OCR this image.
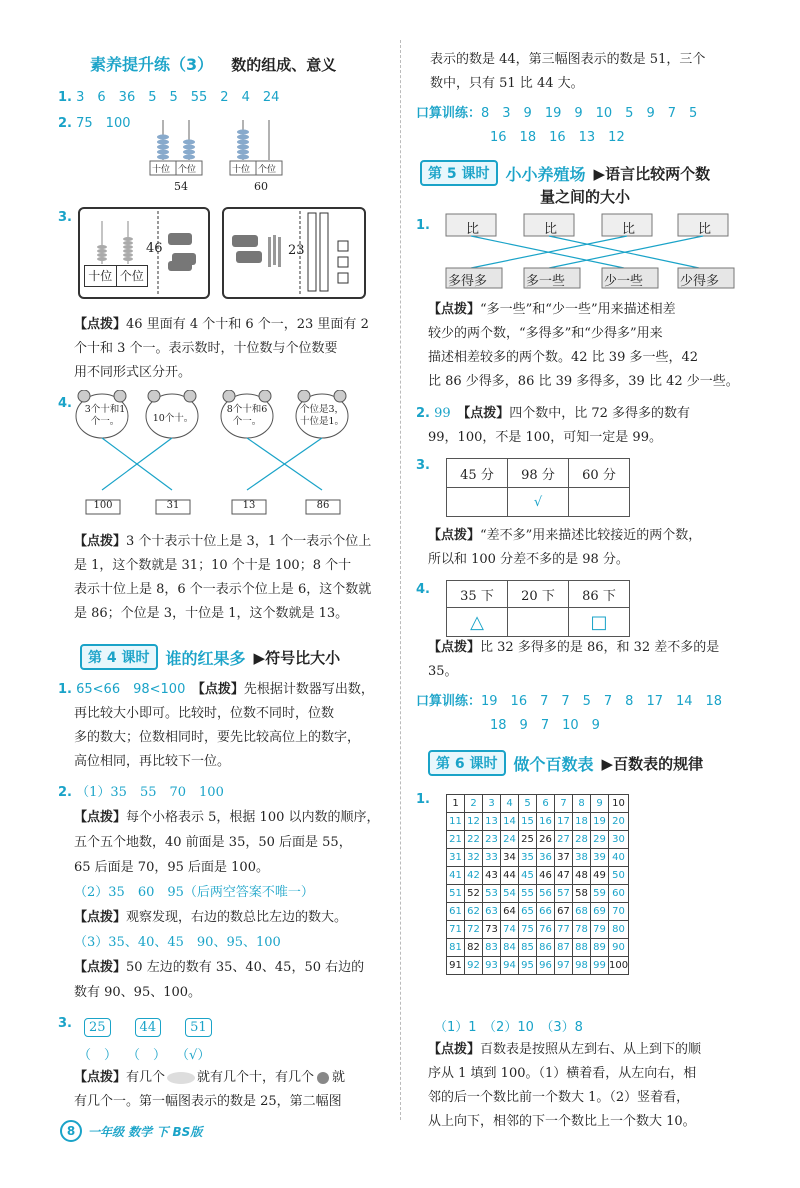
素养提升练（3） 数的组成、意义
1. 3　6　36　5　5　55　2　4　24
2. 75　100
十位 个位
54
十位 个位
60
3.
十位 个位
46	23
【点拨】46 里面有 4 个十和 6 个一，23 里面有 2
个十和 3 个一。表示数时，十位数与个位数要
用不同形式区分开。
4.	3个十和1个一。	10个十。
8个十和6个一。
个位是3，十位是1。
100	31	13	86
【点拨】3 个十表示十位上是 3，1 个一表示个位上
是 1，这个数就是 31；10 个十是 100；8 个十
表示十位上是 8，6 个一表示个位上是 6，这个数就
是 86；个位是 3，十位是 1，这个数就是 13。
第 4 课时	谁的红果多 ▶符号比大小
1. 65<66　98<100　 【点拨】先根据计数器写出数，
再比较大小即可。比较时，位数不同时，位数
多的数大；位数相同时，要先比较高位上的数字，
高位相同，再比较下一位。
2. （1）35　55　70　100
【点拨】每个小格表示 5，根据 100 以内数的顺序，
五个五个地数，40 前面是 35，50 后面是 55，
65 后面是 70，95 后面是 100。
（2）35　60　95（后两空答案不唯一）
【点拨】观察发现，右边的数总比左边的数大。
（3）35、40、45　90、95、100
【点拨】50 左边的数有 35、40、45，50 右边的
数有 90、95、100。
3.	25	44	51
（　） （　） （√）
【点拨】有几个 就有几个十，有几个 就
有几个一。第一幅图表示的数是 25，第二幅图
8	一年级 数学 下 BS版
表示的数是 44，第三幅图表示的数是 51，三个
数中，只有 51 比 44 大。
口算训练：8　3　9　19　9　10　5　9　7　5
16　18　16　13　12
第 5 课时	小小养殖场 ▶语言比较两个数
量之间的大小
1.	比	比	比	比
多得多	多一些	少一些	少得多
【点拨】“多一些”和“少一些”用来描述相差
较少的两个数，“多得多”和“少得多”用来
描述相差较多的两个数。42 比 39 多一些，42
比 86 少得多，86 比 39 多得多，39 比 42 少一些。
2. 99　 【点拨】四个数中，比 72 多得多的数有
99，100，不是 100，可知一定是 99。
3.
45 分	98 分	60 分
	√	
【点拨】“差不多”用来描述比较接近的两个数，
所以和 100 分差不多的是 98 分。
4. 35 下	20 下	86 下
△		□
【点拨】比 32 多得多的是 86，和 32 差不多的是
35。
口算训练：19　16　7　7　5　7　8　17　14　18
18　9　7　10　9
第 6 课时	做个百数表 ▶百数表的规律
1. 1	2	3	4	5	6	7	8	9	10
11	12	13	14	15	16	17	18	19	20
21	22	23	24	25	26	27	28	29	30
31	32	33	34	35	36	37	38	39	40
41	42	43	44	45	46	47	48	49	50
51	52	53	54	55	56	57	58	59	60
61	62	63	64	65	66	67	68	69	70
71	72	73	74	75	76	77	78	79	80
81	82	83	84	85	86	87	88	89	90
91	92	93	94	95	96	97	98	99	100
（1）1　（2）10　（3）8
【点拨】百数表是按照从左到右、从上到下的顺
序从 1 填到 100。（1）横着看，从左向右，相
邻的后一个数比前一个数大 1。（2）竖着看，
从上向下，相邻的下一个数比上一个数大 10。
